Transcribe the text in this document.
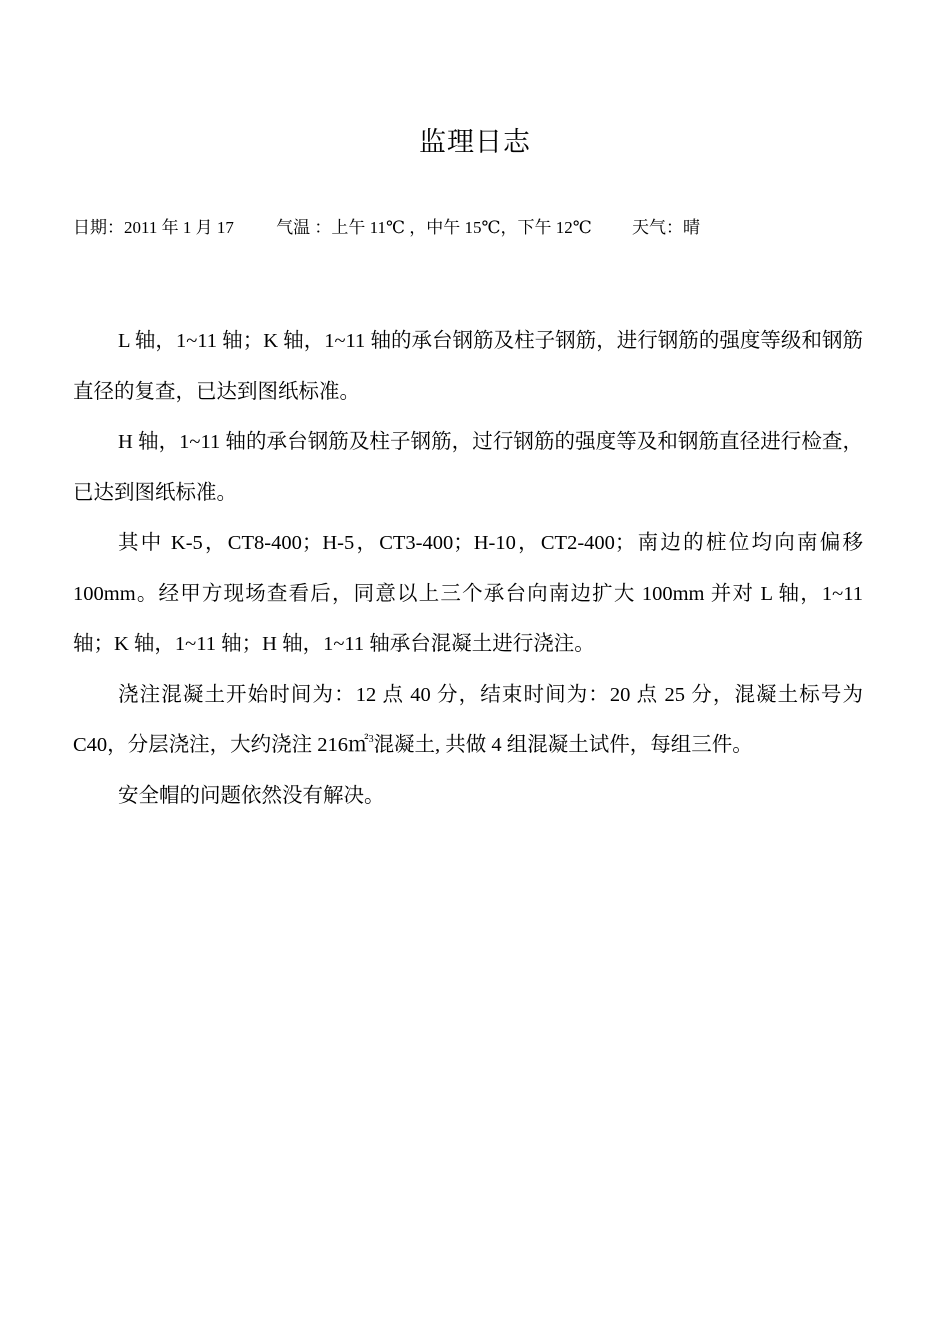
监理日志
日期：2011 年 1 月 17 气温 ：上午 11℃ ，中午 15℃，下午 12℃ 天气：晴

L 轴，1~11 轴；K 轴，1~11 轴的承台钢筋及柱子钢筋，进行钢筋的强度等级和钢筋直径的复查，已达到图纸标准。

H 轴，1~11 轴的承台钢筋及柱子钢筋，过行钢筋的强度等及和钢筋直径进行检查，已达到图纸标准。

其中 K-5，CT8-400；H-5，CT3-400；H-10，CT2-400；南边的桩位均向南偏移 100mm。经甲方现场查看后，同意以上三个承台向南边扩大 100mm 并对 L 轴，1~11 轴；K 轴，1~11 轴；H 轴，1~11 轴承台混凝土进行浇注。

浇注混凝土开始时间为：12 点 40 分，结束时间为：20 点 25 分，混凝土标号为 C40，分层浇注，大约浇注 216㎡$^3$混凝土, 共做 4 组混凝土试件，每组三件。

安全帽的问题依然没有解决。
